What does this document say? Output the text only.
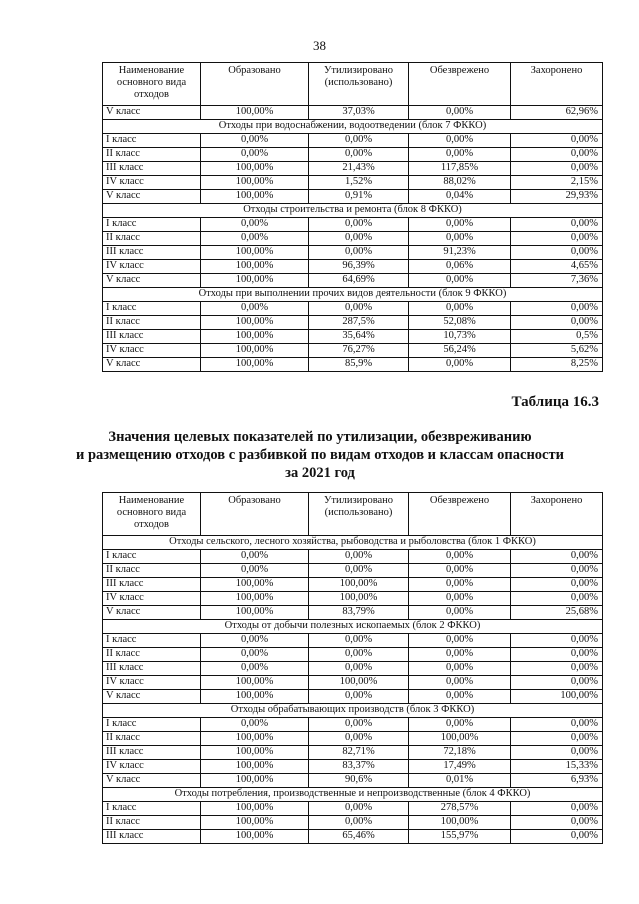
38
Наименование основного вида отходов	Образовано	Утилизировано (использовано)	Обезврежено	Захоронено
V класс	100,00%	37,03%	0,00%	62,96%
Отходы при водоснабжении, водоотведении (блок 7 ФККО)				
I класс	0,00%	0,00%	0,00%	0,00%
II класс	0,00%	0,00%	0,00%	0,00%
III класс	100,00%	21,43%	117,85%	0,00%
IV класс	100,00%	1,52%	88,02%	2,15%
V класс	100,00%	0,91%	0,04%	29,93%
Отходы строительства и ремонта (блок 8 ФККО)				
I класс	0,00%	0,00%	0,00%	0,00%
II класс	0,00%	0,00%	0,00%	0,00%
III класс	100,00%	0,00%	91,23%	0,00%
IV класс	100,00%	96,39%	0,06%	4,65%
V класс	100,00%	64,69%	0,00%	7,36%
Отходы при выполнении прочих видов деятельности (блок 9 ФККО)				
I класс	0,00%	0,00%	0,00%	0,00%
II класс	100,00%	287,5%	52,08%	0,00%
III класс	100,00%	35,64%	10,73%	0,5%
IV класс	100,00%	76,27%	56,24%	5,62%
V класс	100,00%	85,9%	0,00%	8,25%
Таблица 16.3
Значения целевых показателей по утилизации, обезвреживанию
и размещению отходов с разбивкой по видам отходов и классам опасности
за 2021 год
Наименование основного вида отходов	Образовано	Утилизировано (использовано)	Обезврежено	Захоронено
Отходы сельского, лесного хозяйства, рыбоводства и рыболовства (блок 1 ФККО)				
I класс	0,00%	0,00%	0,00%	0,00%
II класс	0,00%	0,00%	0,00%	0,00%
III класс	100,00%	100,00%	0,00%	0,00%
IV класс	100,00%	100,00%	0,00%	0,00%
V класс	100,00%	83,79%	0,00%	25,68%
Отходы от добычи полезных ископаемых (блок 2 ФККО)				
I класс	0,00%	0,00%	0,00%	0,00%
II класс	0,00%	0,00%	0,00%	0,00%
III класс	0,00%	0,00%	0,00%	0,00%
IV класс	100,00%	100,00%	0,00%	0,00%
V класс	100,00%	0,00%	0,00%	100,00%
Отходы обрабатывающих производств (блок 3 ФККО)				
I класс	0,00%	0,00%	0,00%	0,00%
II класс	100,00%	0,00%	100,00%	0,00%
III класс	100,00%	82,71%	72,18%	0,00%
IV класс	100,00%	83,37%	17,49%	15,33%
V класс	100,00%	90,6%	0,01%	6,93%
Отходы потребления, производственные и непроизводственные (блок 4 ФККО)				
I класс	100,00%	0,00%	278,57%	0,00%
II класс	100,00%	0,00%	100,00%	0,00%
III класс	100,00%	65,46%	155,97%	0,00%
